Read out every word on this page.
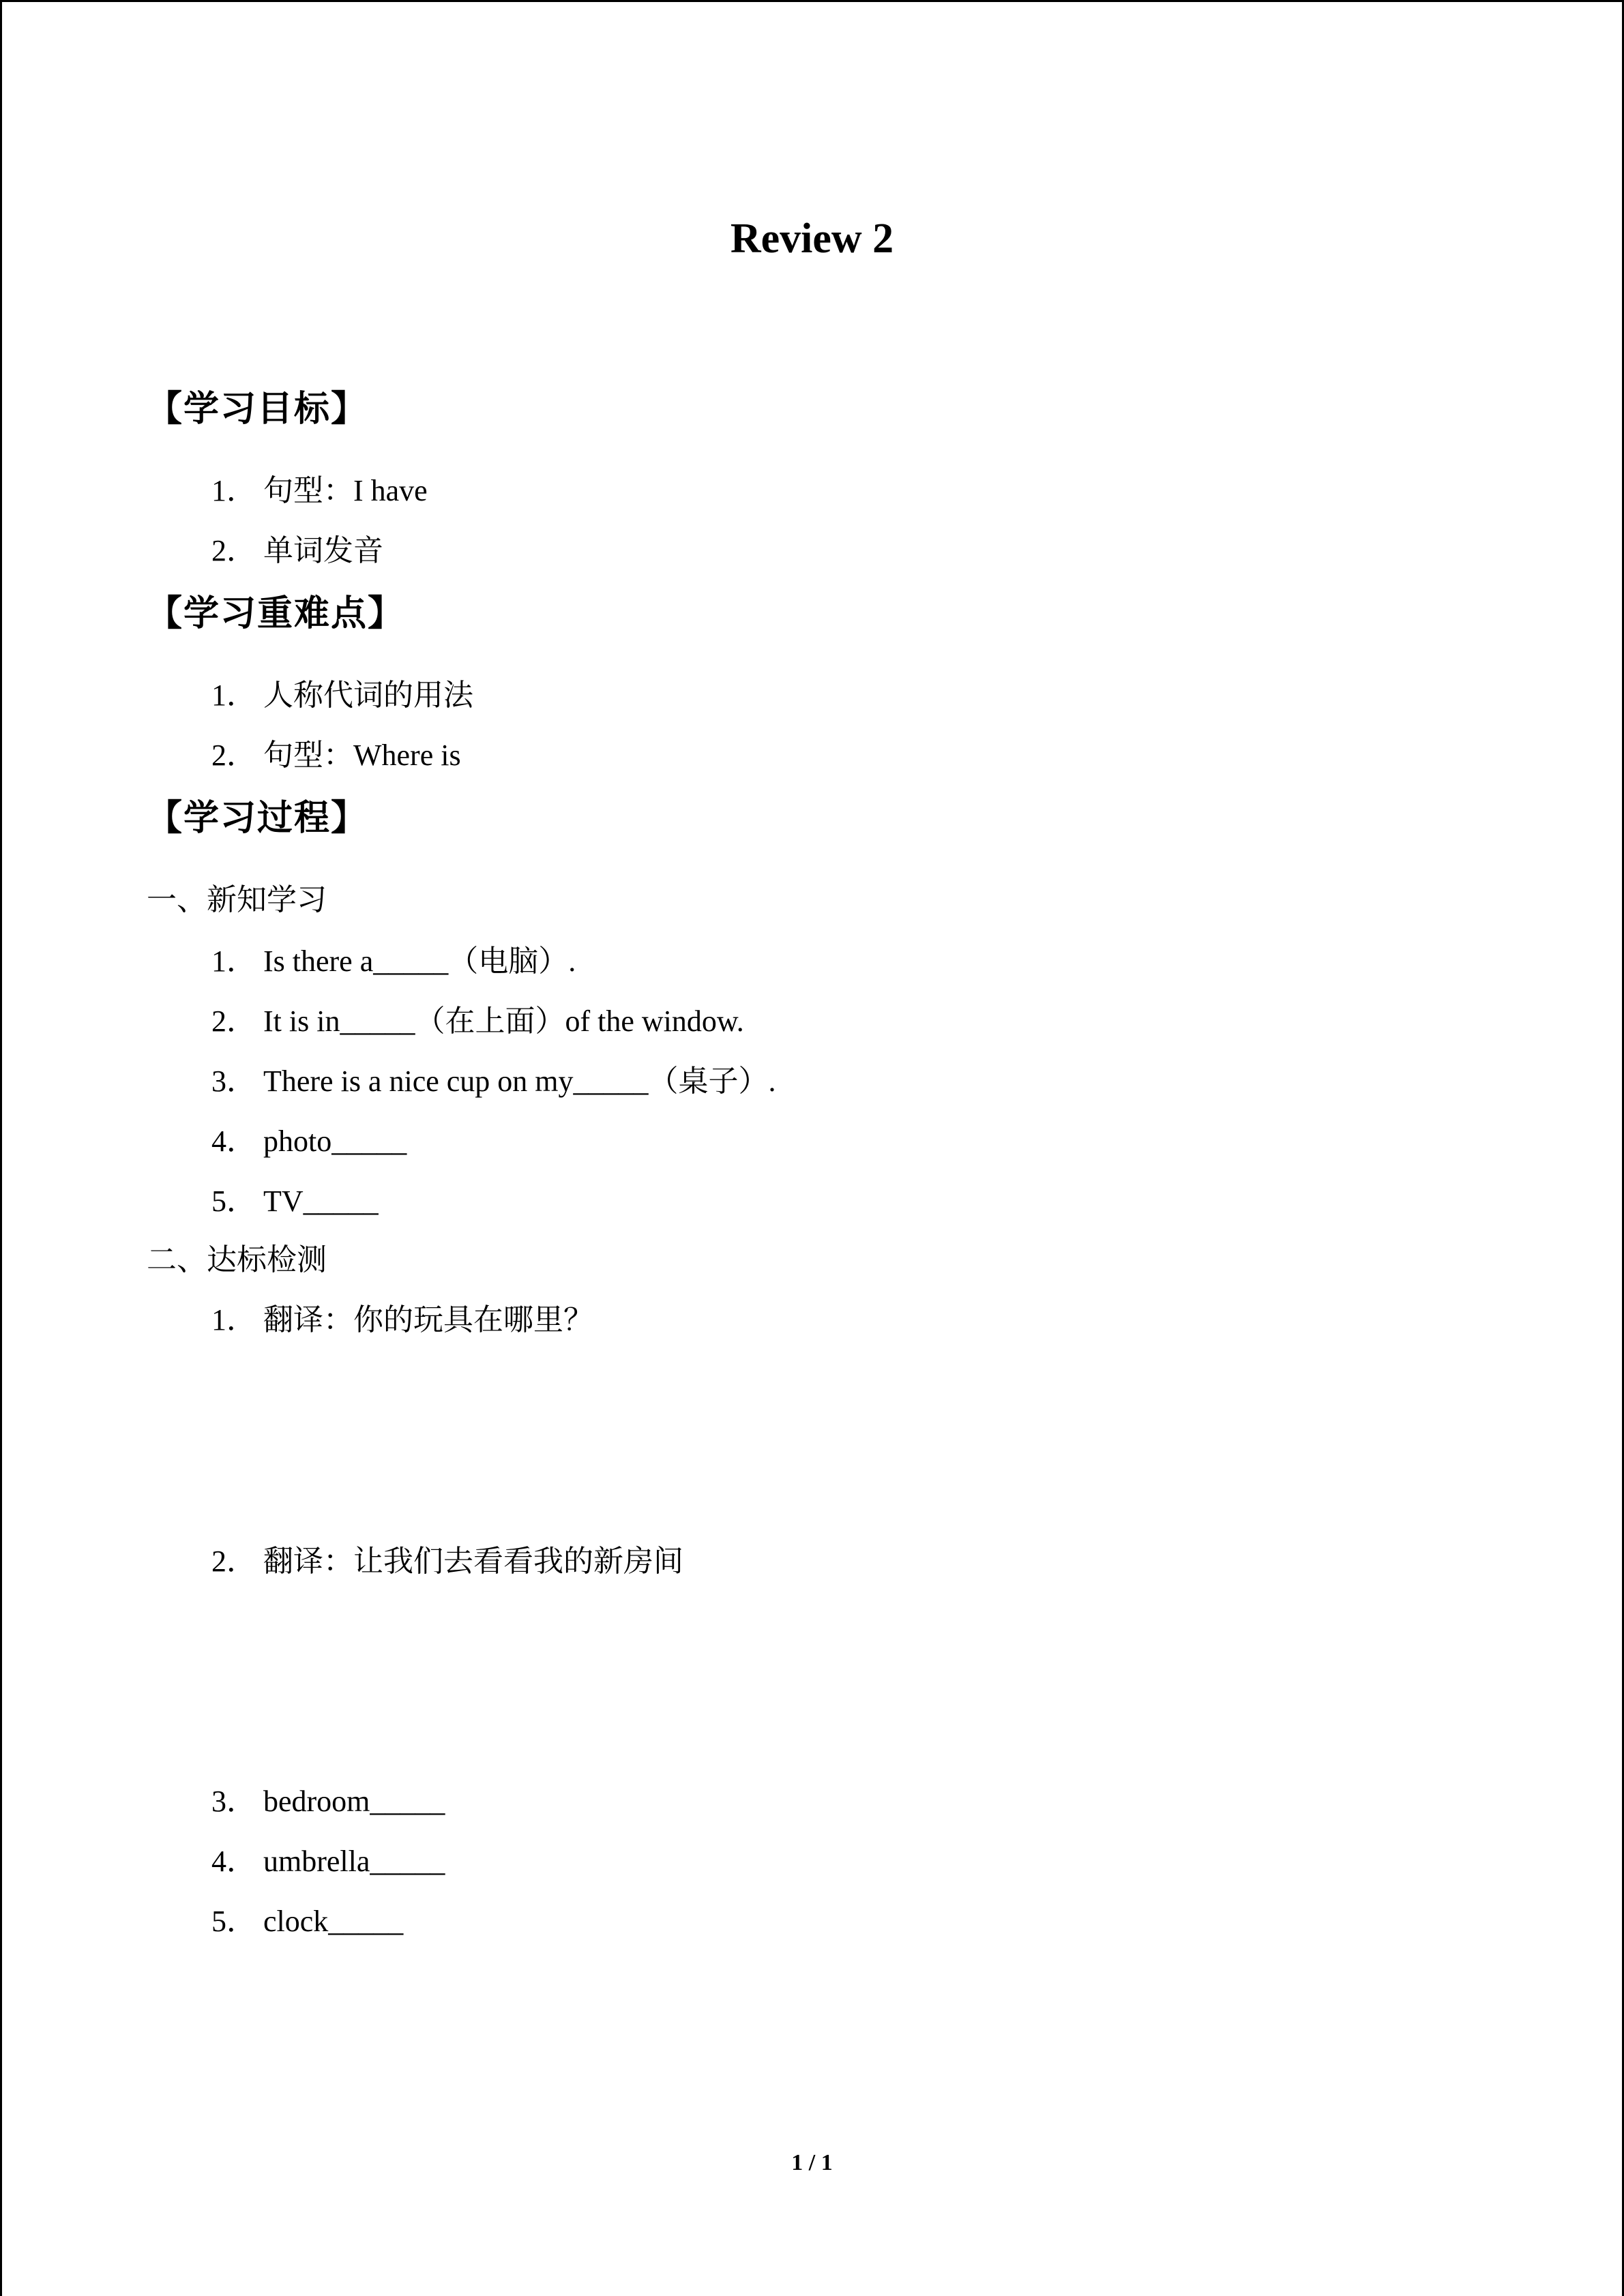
Review 2
【学习目标】
1． 句型：I have
2． 单词发音
【学习重难点】
1． 人称代词的用法
2． 句型：Where is
【学习过程】
一、新知学习
1． Is there a_____（电脑）.
2． It is in_____（在上面）of the window.
3． There is a nice cup on my_____（桌子）.
4． photo_____
5． TV_____
二、达标检测
1． 翻译：你的玩具在哪里？
2． 翻译：让我们去看看我的新房间
3． bedroom_____
4． umbrella_____
5． clock_____
1 / 1
